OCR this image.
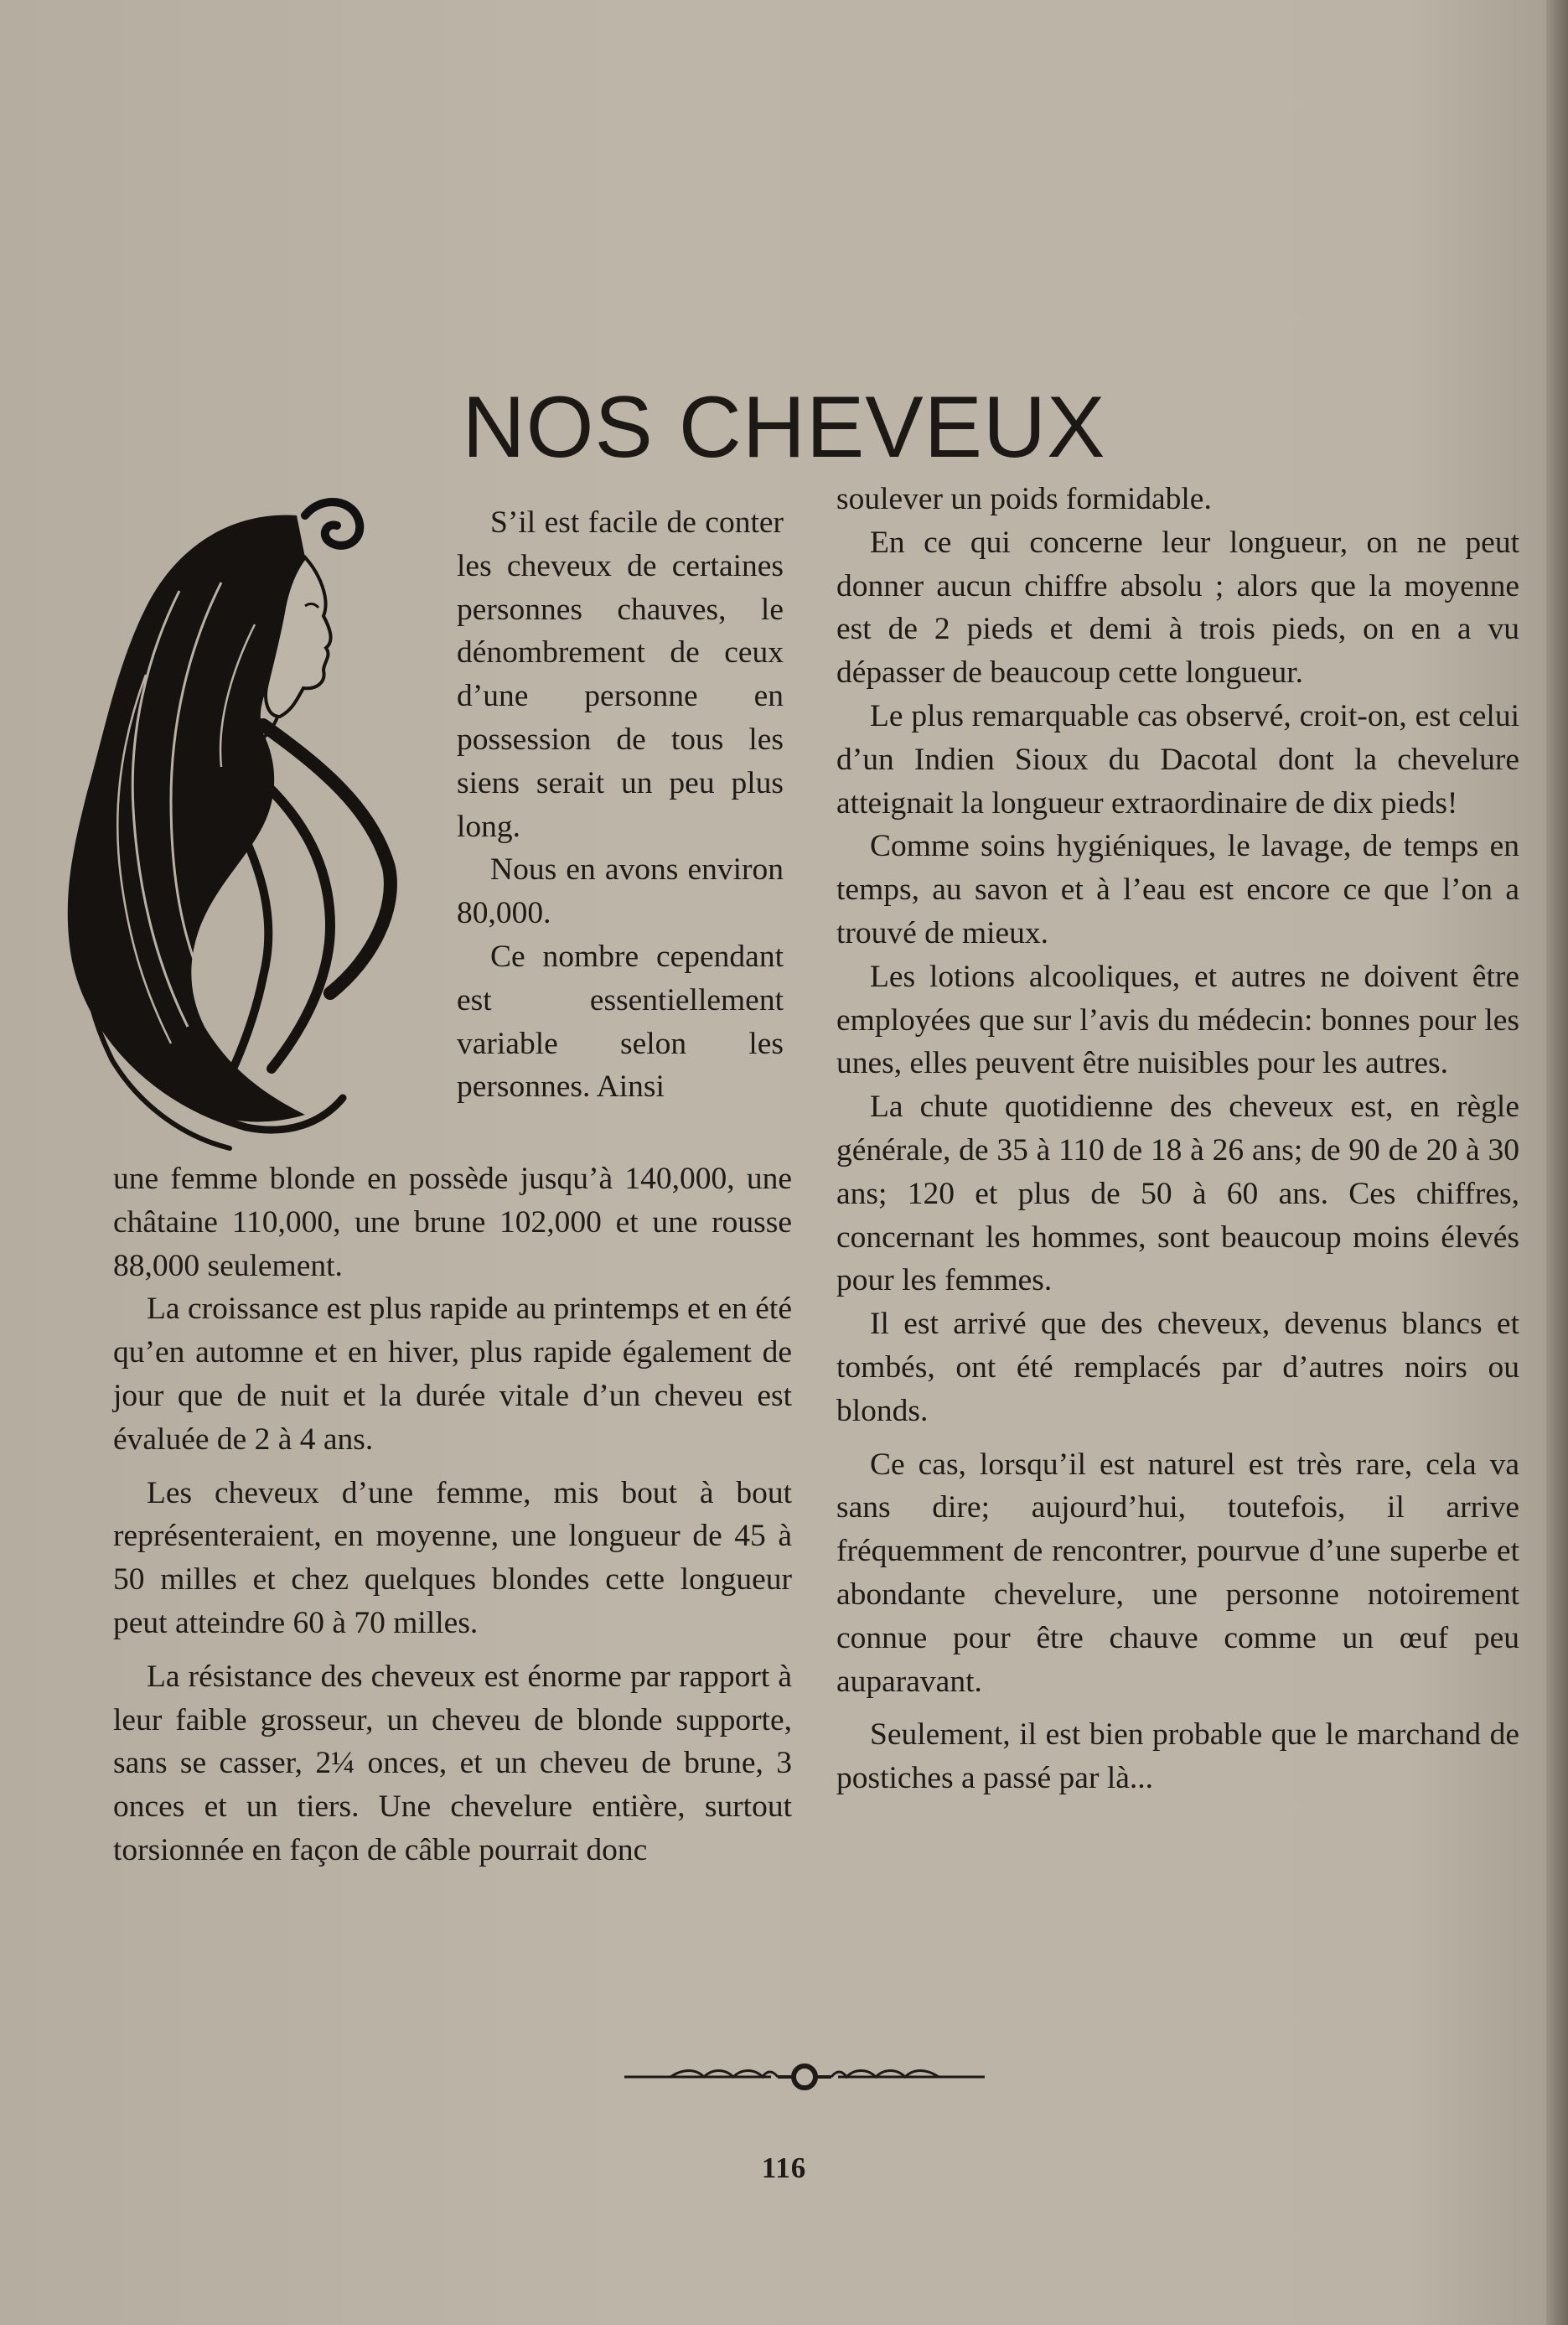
NOS CHEVEUX

S’il est facile de conter les cheveux de certaines personnes chauves, le dénombrement de ceux d’une personne en possession de tous les siens serait un peu plus long.

Nous en avons environ 80,000.

Ce nombre cependant est essentiellement variable selon les personnes. Ainsi

une femme blonde en possède jusqu’à 140,000, une châtaine 110,000, une brune 102,000 et une rousse 88,000 seulement.

La croissance est plus rapide au printemps et en été qu’en automne et en hiver, plus rapide également de jour que de nuit et la durée vitale d’un cheveu est évaluée de 2 à 4 ans.

Les cheveux d’une femme, mis bout à bout représenteraient, en moyenne, une longueur de 45 à 50 milles et chez quelques blondes cette longueur peut atteindre 60 à 70 milles.

La résistance des cheveux est énorme par rapport à leur faible grosseur, un cheveu de blonde supporte, sans se casser, 2¼ onces, et un cheveu de brune, 3 onces et un tiers. Une chevelure entière, surtout torsionnée en façon de câble pourrait donc

soulever un poids formidable.

En ce qui concerne leur longueur, on ne peut donner aucun chiffre absolu ; alors que la moyenne est de 2 pieds et demi à trois pieds, on en a vu dépasser de beaucoup cette longueur.

Le plus remarquable cas observé, croit-on, est celui d’un Indien Sioux du Dacotal dont la chevelure atteignait la longueur extraordinaire de dix pieds!

Comme soins hygiéniques, le lavage, de temps en temps, au savon et à l’eau est encore ce que l’on a trouvé de mieux.

Les lotions alcooliques, et autres ne doivent être employées que sur l’avis du médecin: bonnes pour les unes, elles peuvent être nuisibles pour les autres.

La chute quotidienne des cheveux est, en règle générale, de 35 à 110 de 18 à 26 ans; de 90 de 20 à 30 ans; 120 et plus de 50 à 60 ans. Ces chiffres, concernant les hommes, sont beaucoup moins élevés pour les femmes.

Il est arrivé que des cheveux, devenus blancs et tombés, ont été remplacés par d’autres noirs ou blonds.

Ce cas, lorsqu’il est naturel est très rare, cela va sans dire; aujourd’hui, toutefois, il arrive fréquemment de rencontrer, pourvue d’une superbe et abondante chevelure, une personne notoirement connue pour être chauve comme un œuf peu auparavant.

Seulement, il est bien probable que le marchand de postiches a passé par là...

116
